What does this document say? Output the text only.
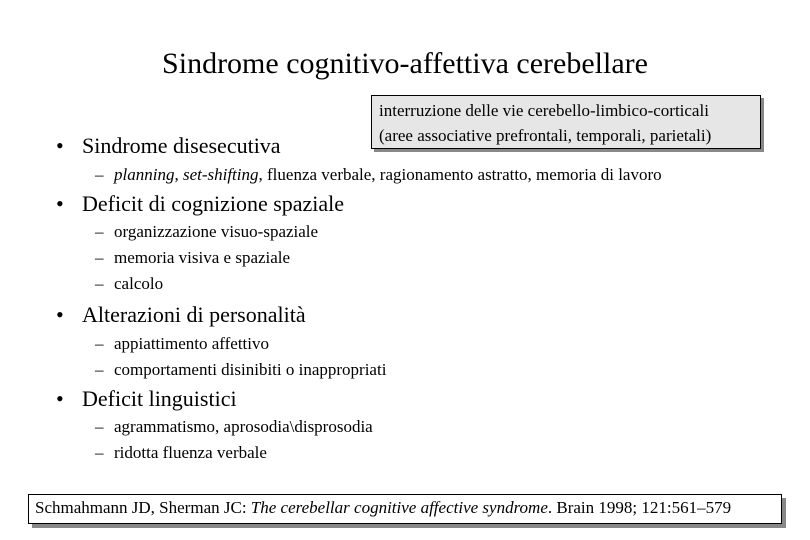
Sindrome cognitivo-affettiva cerebellare
interruzione delle vie cerebello-limbico-corticali
(aree associative prefrontali, temporali, parietali)
• Sindrome disesecutiva
– planning, set-shifting, fluenza verbale, ragionamento astratto, memoria di lavoro
• Deficit di cognizione spaziale
– organizzazione visuo-spaziale
– memoria visiva e spaziale
– calcolo
• Alterazioni di personalità
– appiattimento affettivo
– comportamenti disinibiti o inappropriati
• Deficit linguistici
– agrammatismo, aprosodia\disprosodia
– ridotta fluenza verbale
Schmahmann JD, Sherman JC: The cerebellar cognitive affective syndrome. Brain 1998; 121:561–579
